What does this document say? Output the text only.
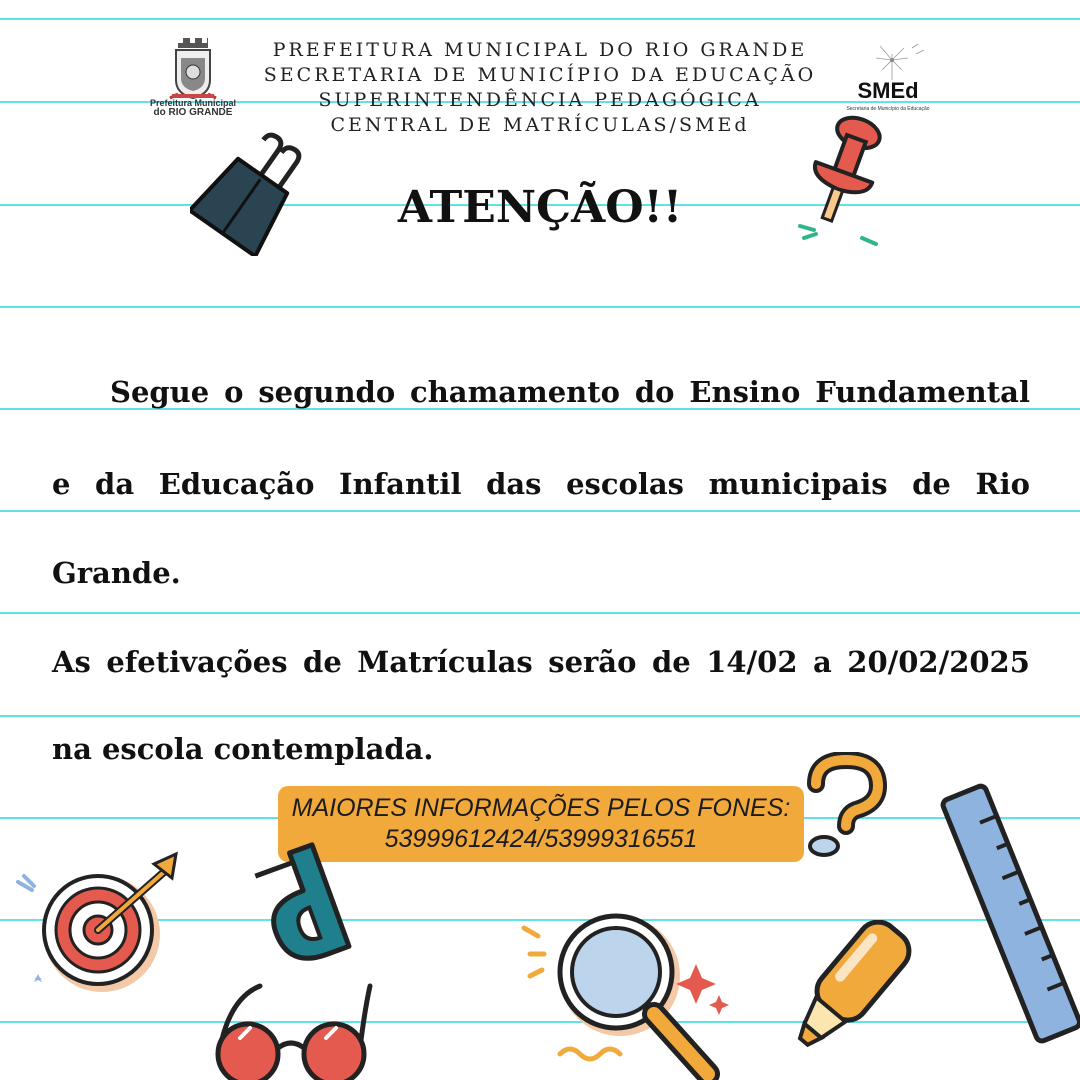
Prefeitura Municipal
do RIO GRANDE
PREFEITURA MUNICIPAL DO RIO GRANDE
SECRETARIA DE MUNICÍPIO DA EDUCAÇÃO
SUPERINTENDÊNCIA PEDAGÓGICA
CENTRAL DE MATRÍCULAS/SMEd
SMEd
Secretaria de Município da Educação
ATENÇÃO!!
Segue o segundo chamamento do Ensino Fundamental
e da Educação Infantil das escolas municipais de Rio
Grande.
As efetivações de Matrículas serão de 14/02 a 20/02/2025
na escola contemplada.
MAIORES INFORMAÇÕES PELOS FONES:
53999612424/53999316551
